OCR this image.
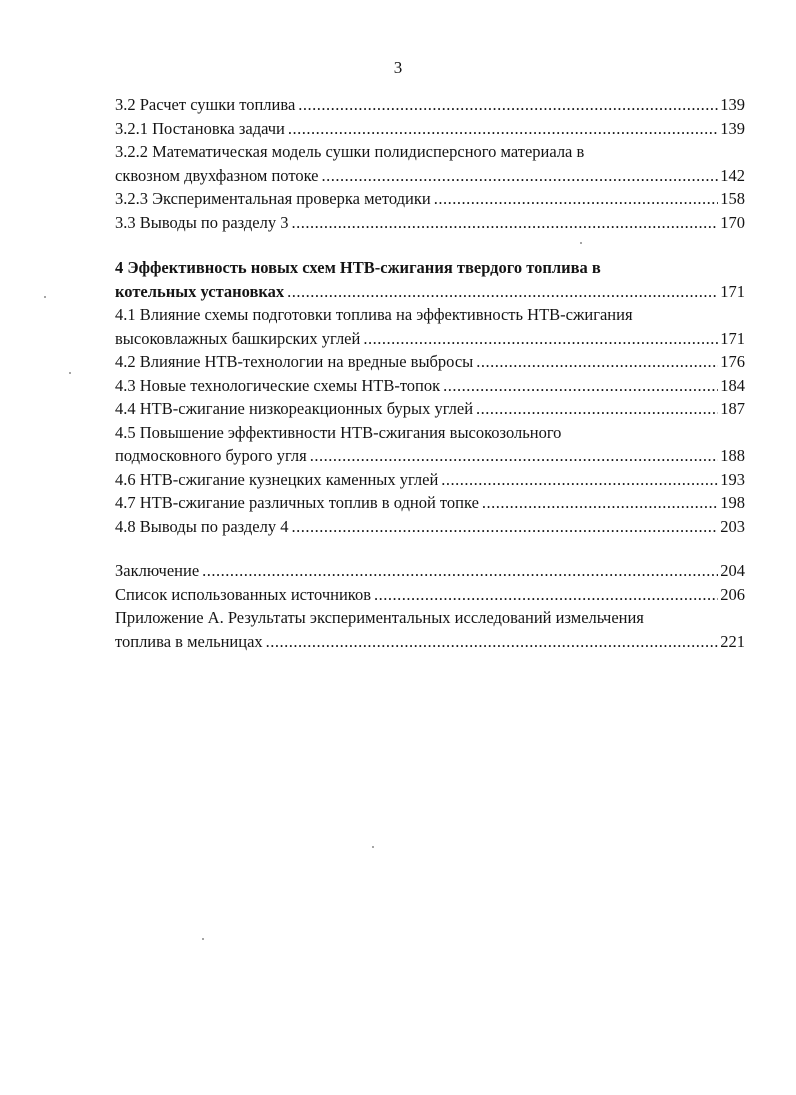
3
3.2 Расчет сушки топлива .....	139
3.2.1 Постановка задачи .....	139
3.2.2 Математическая модель сушки полидисперсного материала в
сквозном двухфазном потоке .....	142
3.2.3 Экспериментальная проверка методики .....	158
3.3 Выводы по разделу 3 .....	170
4 Эффективность новых схем НТВ-сжигания твердого топлива в
котельных установках .....	171
4.1 Влияние схемы подготовки топлива на эффективность НТВ-сжигания
высоковлажных башкирских углей .....	171
4.2 Влияние НТВ-технологии на вредные выбросы .....	176
4.3 Новые технологические схемы НТВ-топок .....	184
4.4 НТВ-сжигание низкореакционных бурых углей .....	187
4.5 Повышение эффективности НТВ-сжигания высокозольного
подмосковного бурого угля .....	188
4.6 НТВ-сжигание кузнецких каменных углей .....	193
4.7 НТВ-сжигание различных топлив в одной топке .....	198
4.8 Выводы по разделу 4 .....	203
Заключение .....	204
Список использованных источников .....	206
Приложение А. Результаты экспериментальных исследований измельчения
топлива в мельницах .....	221
